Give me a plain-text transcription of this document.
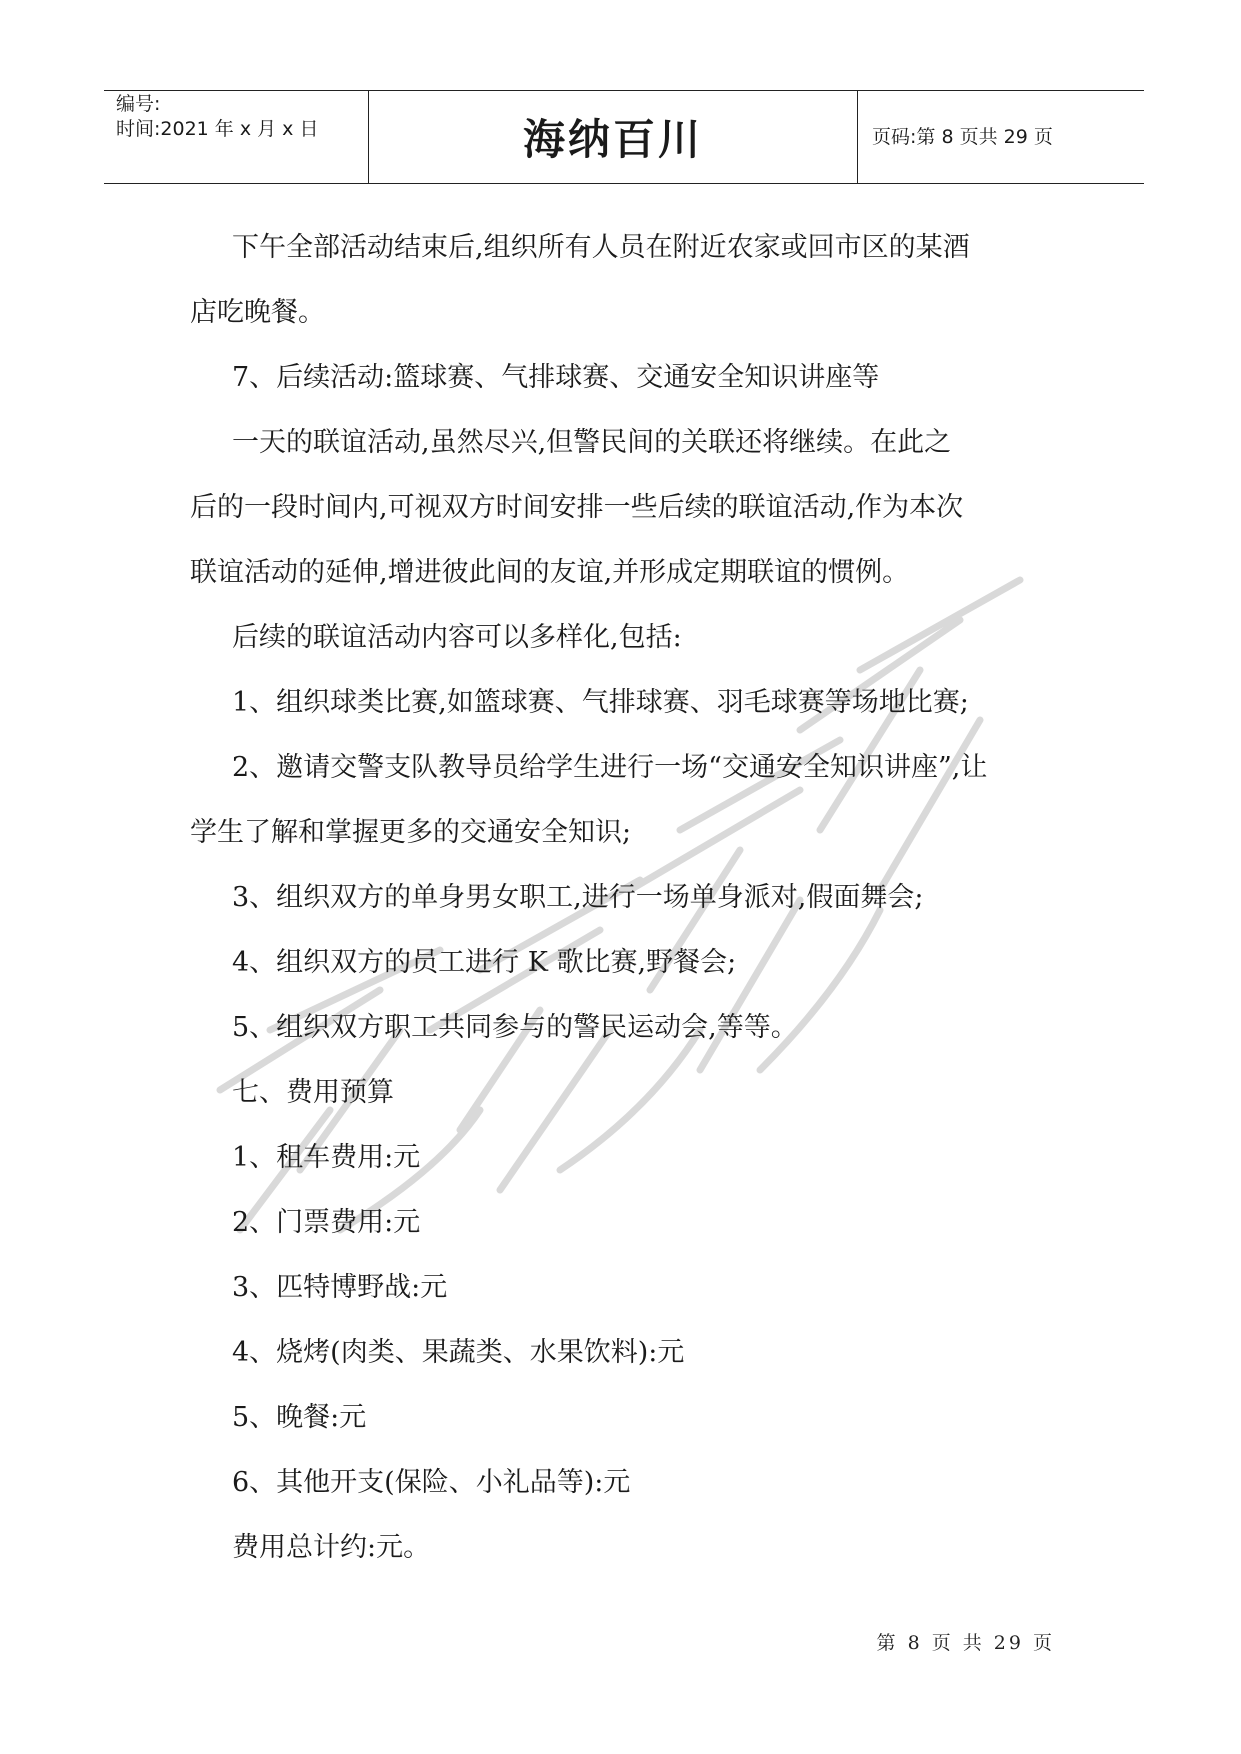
编号:
时间:2021 年 x 月 x 日	海纳百川	页码:第 8 页共 29 页

下午全部活动结束后,组织所有人员在附近农家或回市区的某酒

店吃晚餐。

7、后续活动:篮球赛、气排球赛、交通安全知识讲座等

一天的联谊活动,虽然尽兴,但警民间的关联还将继续。在此之

后的一段时间内,可视双方时间安排一些后续的联谊活动,作为本次

联谊活动的延伸,增进彼此间的友谊,并形成定期联谊的惯例。

后续的联谊活动内容可以多样化,包括:

1、组织球类比赛,如篮球赛、气排球赛、羽毛球赛等场地比赛;

2、邀请交警支队教导员给学生进行一场“交通安全知识讲座”,让

学生了解和掌握更多的交通安全知识;

3、组织双方的单身男女职工,进行一场单身派对,假面舞会;

4、组织双方的员工进行 K 歌比赛,野餐会;

5、组织双方职工共同参与的警民运动会,等等。

七、费用预算

1、租车费用:元

2、门票费用:元

3、匹特博野战:元

4、烧烤(肉类、果蔬类、水果饮料):元

5、晚餐:元

6、其他开支(保险、小礼品等):元

费用总计约:元。

第 8 页 共 29 页
